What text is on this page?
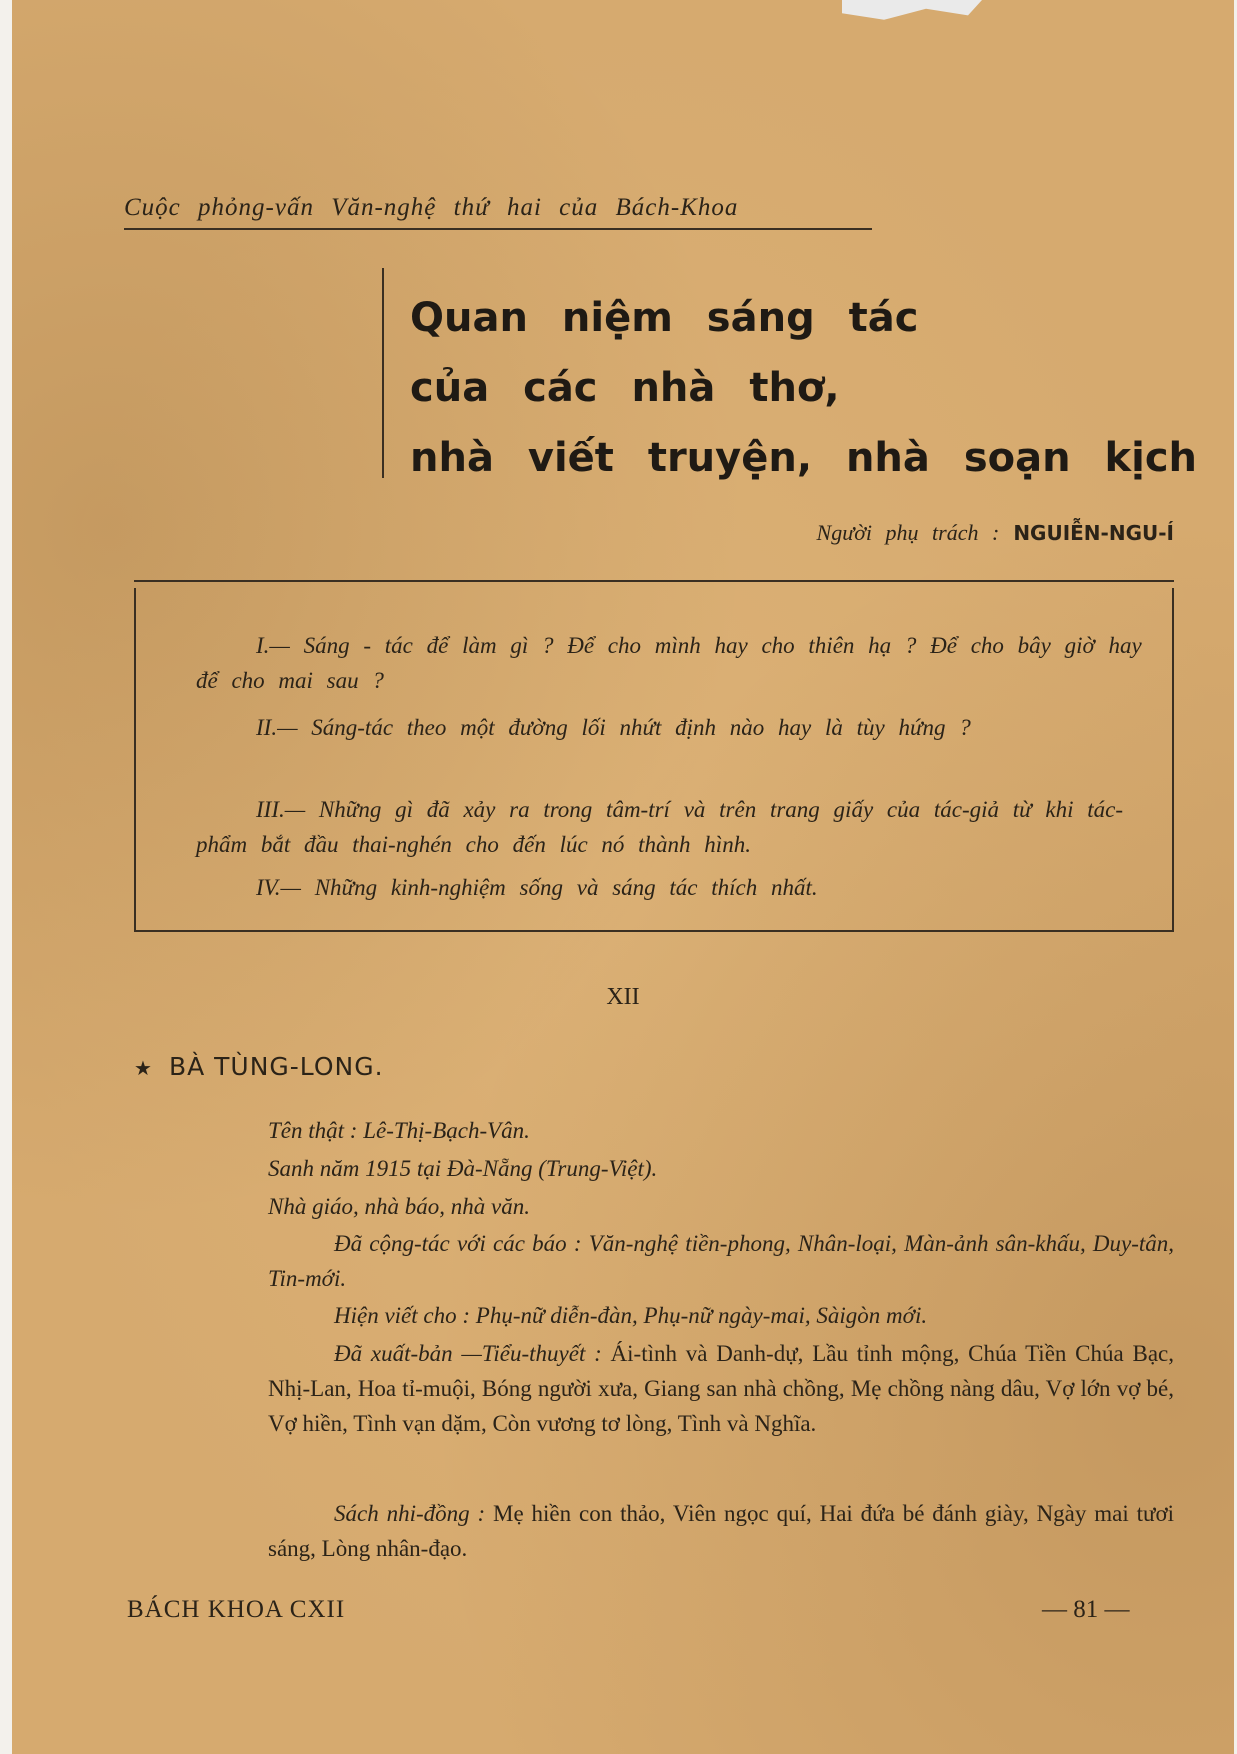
Cuộc phỏng-vấn Văn-nghệ thứ hai của Bách-Khoa
Quan niệm sáng tác
của các nhà thơ,
nhà viết truyện, nhà soạn kịch
Người phụ trách : NGUIỄN-NGU-Í
I.— Sáng - tác để làm gì ? Để cho mình hay cho thiên hạ ? Để cho bây giờ hay để cho mai sau ?
II.— Sáng-tác theo một đường lối nhứt định nào hay là tùy hứng ?
III.— Những gì đã xảy ra trong tâm-trí và trên trang giấy của tác-giả từ khi tác-phẩm bắt đầu thai-nghén cho đến lúc nó thành hình.
IV.— Những kinh-nghiệm sống và sáng tác thích nhất.
XII
★ BÀ TÙNG-LONG.
Tên thật : Lê-Thị-Bạch-Vân.
Sanh năm 1915 tại Đà-Nẵng (Trung-Việt).
Nhà giáo, nhà báo, nhà văn.
Đã cộng-tác với các báo : Văn-nghệ tiền-phong, Nhân-loại, Màn-ảnh sân-khấu, Duy-tân, Tin-mới.
Hiện viết cho : Phụ-nữ diễn-đàn, Phụ-nữ ngày-mai, Sàigòn mới.
Đã xuất-bản —Tiểu-thuyết : Ái-tình và Danh-dự, Lầu tỉnh mộng, Chúa Tiền Chúa Bạc, Nhị-Lan, Hoa tỉ-muội, Bóng người xưa, Giang san nhà chồng, Mẹ chồng nàng dâu, Vợ lớn vợ bé, Vợ hiền, Tình vạn dặm, Còn vương tơ lòng, Tình và Nghĩa.
Sách nhi-đồng : Mẹ hiền con thảo, Viên ngọc quí, Hai đứa bé đánh giày, Ngày mai tươi sáng, Lòng nhân-đạo.
BÁCH KHOA CXII	— 81 —
